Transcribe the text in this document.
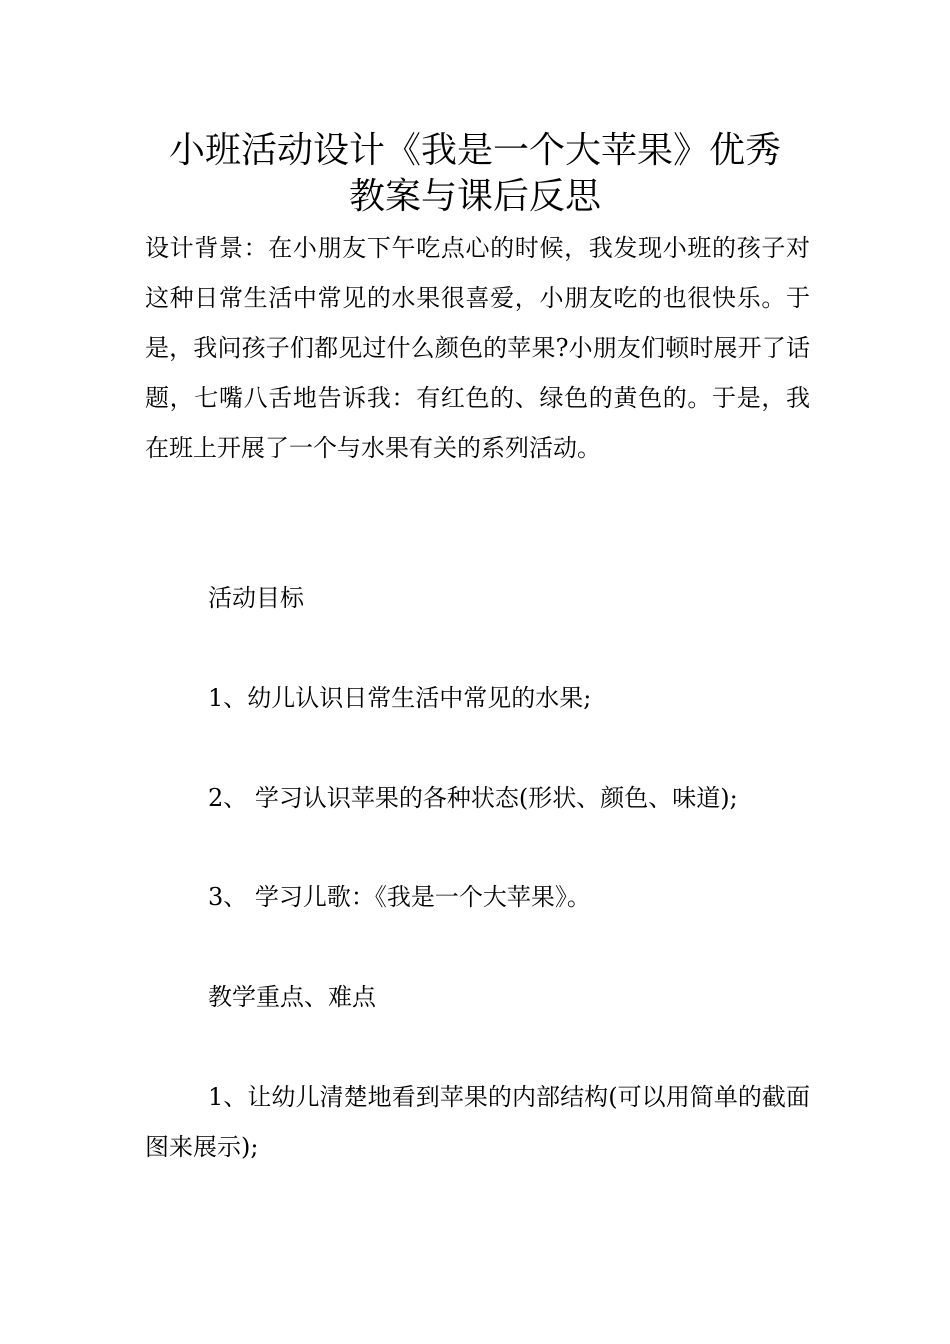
小班活动设计《我是一个大苹果》优秀
教案与课后反思

设计背景：在小朋友下午吃点心的时候，我发现小班的孩子对这种日常生活中常见的水果很喜爱，小朋友吃的也很快乐。于是，我问孩子们都见过什么颜色的苹果?小朋友们顿时展开了话题，七嘴八舌地告诉我：有红色的、绿色的黄色的。于是，我在班上开展了一个与水果有关的系列活动。

活动目标

1、幼儿认识日常生活中常见的水果;

2、 学习认识苹果的各种状态(形状、颜色、味道);

3、 学习儿歌：《我是一个大苹果》。

教学重点、难点

1、让幼儿清楚地看到苹果的内部结构(可以用简单的截面图来展示);
